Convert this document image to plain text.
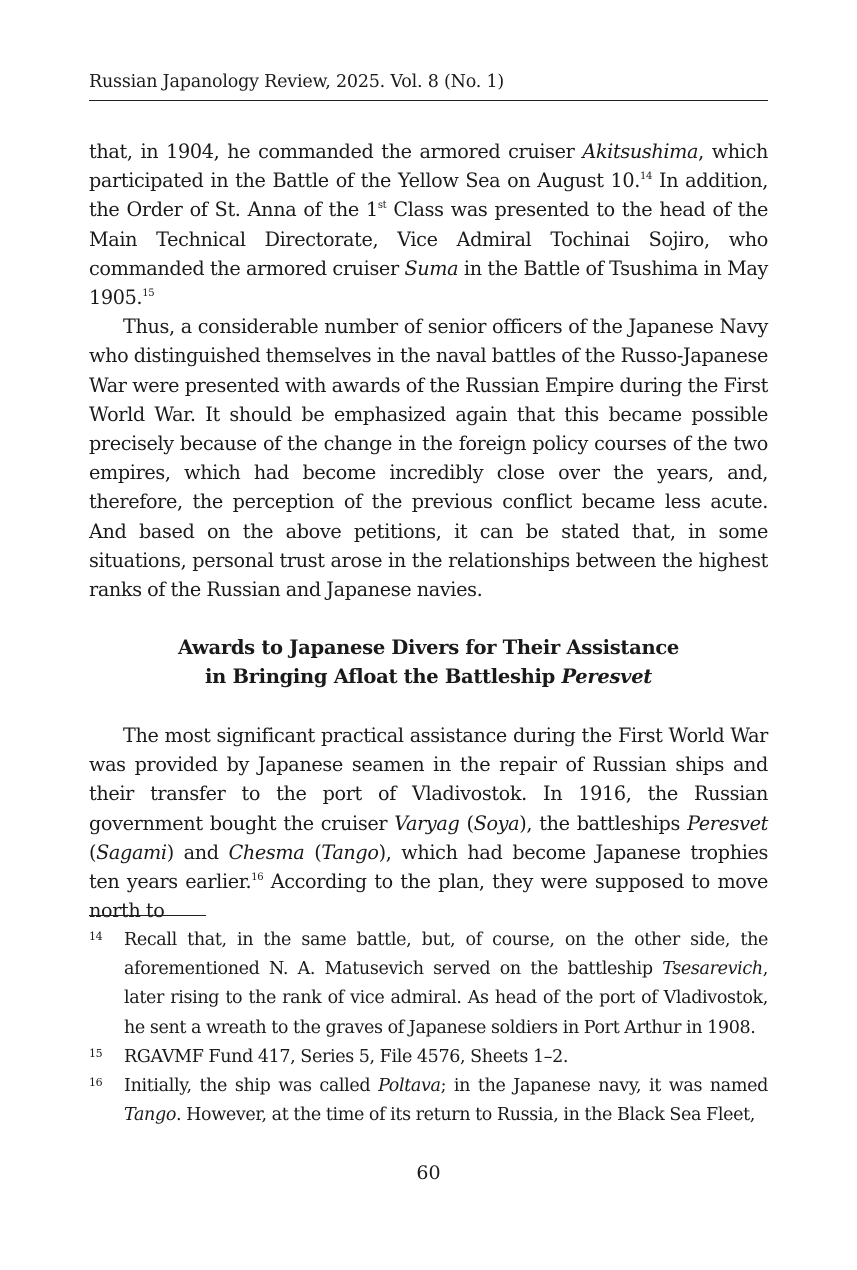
Russian Japanology Review, 2025. Vol. 8 (No. 1)

that, in 1904, he commanded the armored cruiser Akitsushima, which participated in the Battle of the Yellow Sea on August 10.14 In addition, the Order of St. Anna of the 1st Class was presented to the head of the Main Technical Directorate, Vice Admiral Tochinai Sojiro, who commanded the armored cruiser Suma in the Battle of Tsushima in May 1905.15

Thus, a considerable number of senior officers of the Japanese Navy who distinguished themselves in the naval battles of the Russo-Japanese War were presented with awards of the Russian Empire during the First World War. It should be emphasized again that this became possible precisely because of the change in the foreign policy courses of the two empires, which had become incredibly close over the years, and, therefore, the perception of the previous conflict became less acute. And based on the above petitions, it can be stated that, in some situations, personal trust arose in the relationships between the highest ranks of the Russian and Japanese navies.

Awards to Japanese Divers for Their Assistance
in Bringing Afloat the Battleship Peresvet

The most significant practical assistance during the First World War was provided by Japanese seamen in the repair of Russian ships and their transfer to the port of Vladivostok. In 1916, the Russian government bought the cruiser Varyag (Soya), the battleships Peresvet (Sagami) and Chesma (Tango), which had become Japanese trophies ten years earlier.$^{16}$ According to the plan, they were supposed to move north to

14 Recall that, in the same battle, but, of course, on the other side, the aforementioned N. A. Matusevich served on the battleship Tsesarevich, later rising to the rank of vice admiral. As head of the port of Vladivostok, he sent a wreath to the graves of Japanese soldiers in Port Arthur in 1908.
15 RGAVMF Fund 417, Series 5, File 4576, Sheets 1–2.
16 Initially, the ship was called Poltava; in the Japanese navy, it was named Tango. However, at the time of its return to Russia, in the Black Sea Fleet,
60
